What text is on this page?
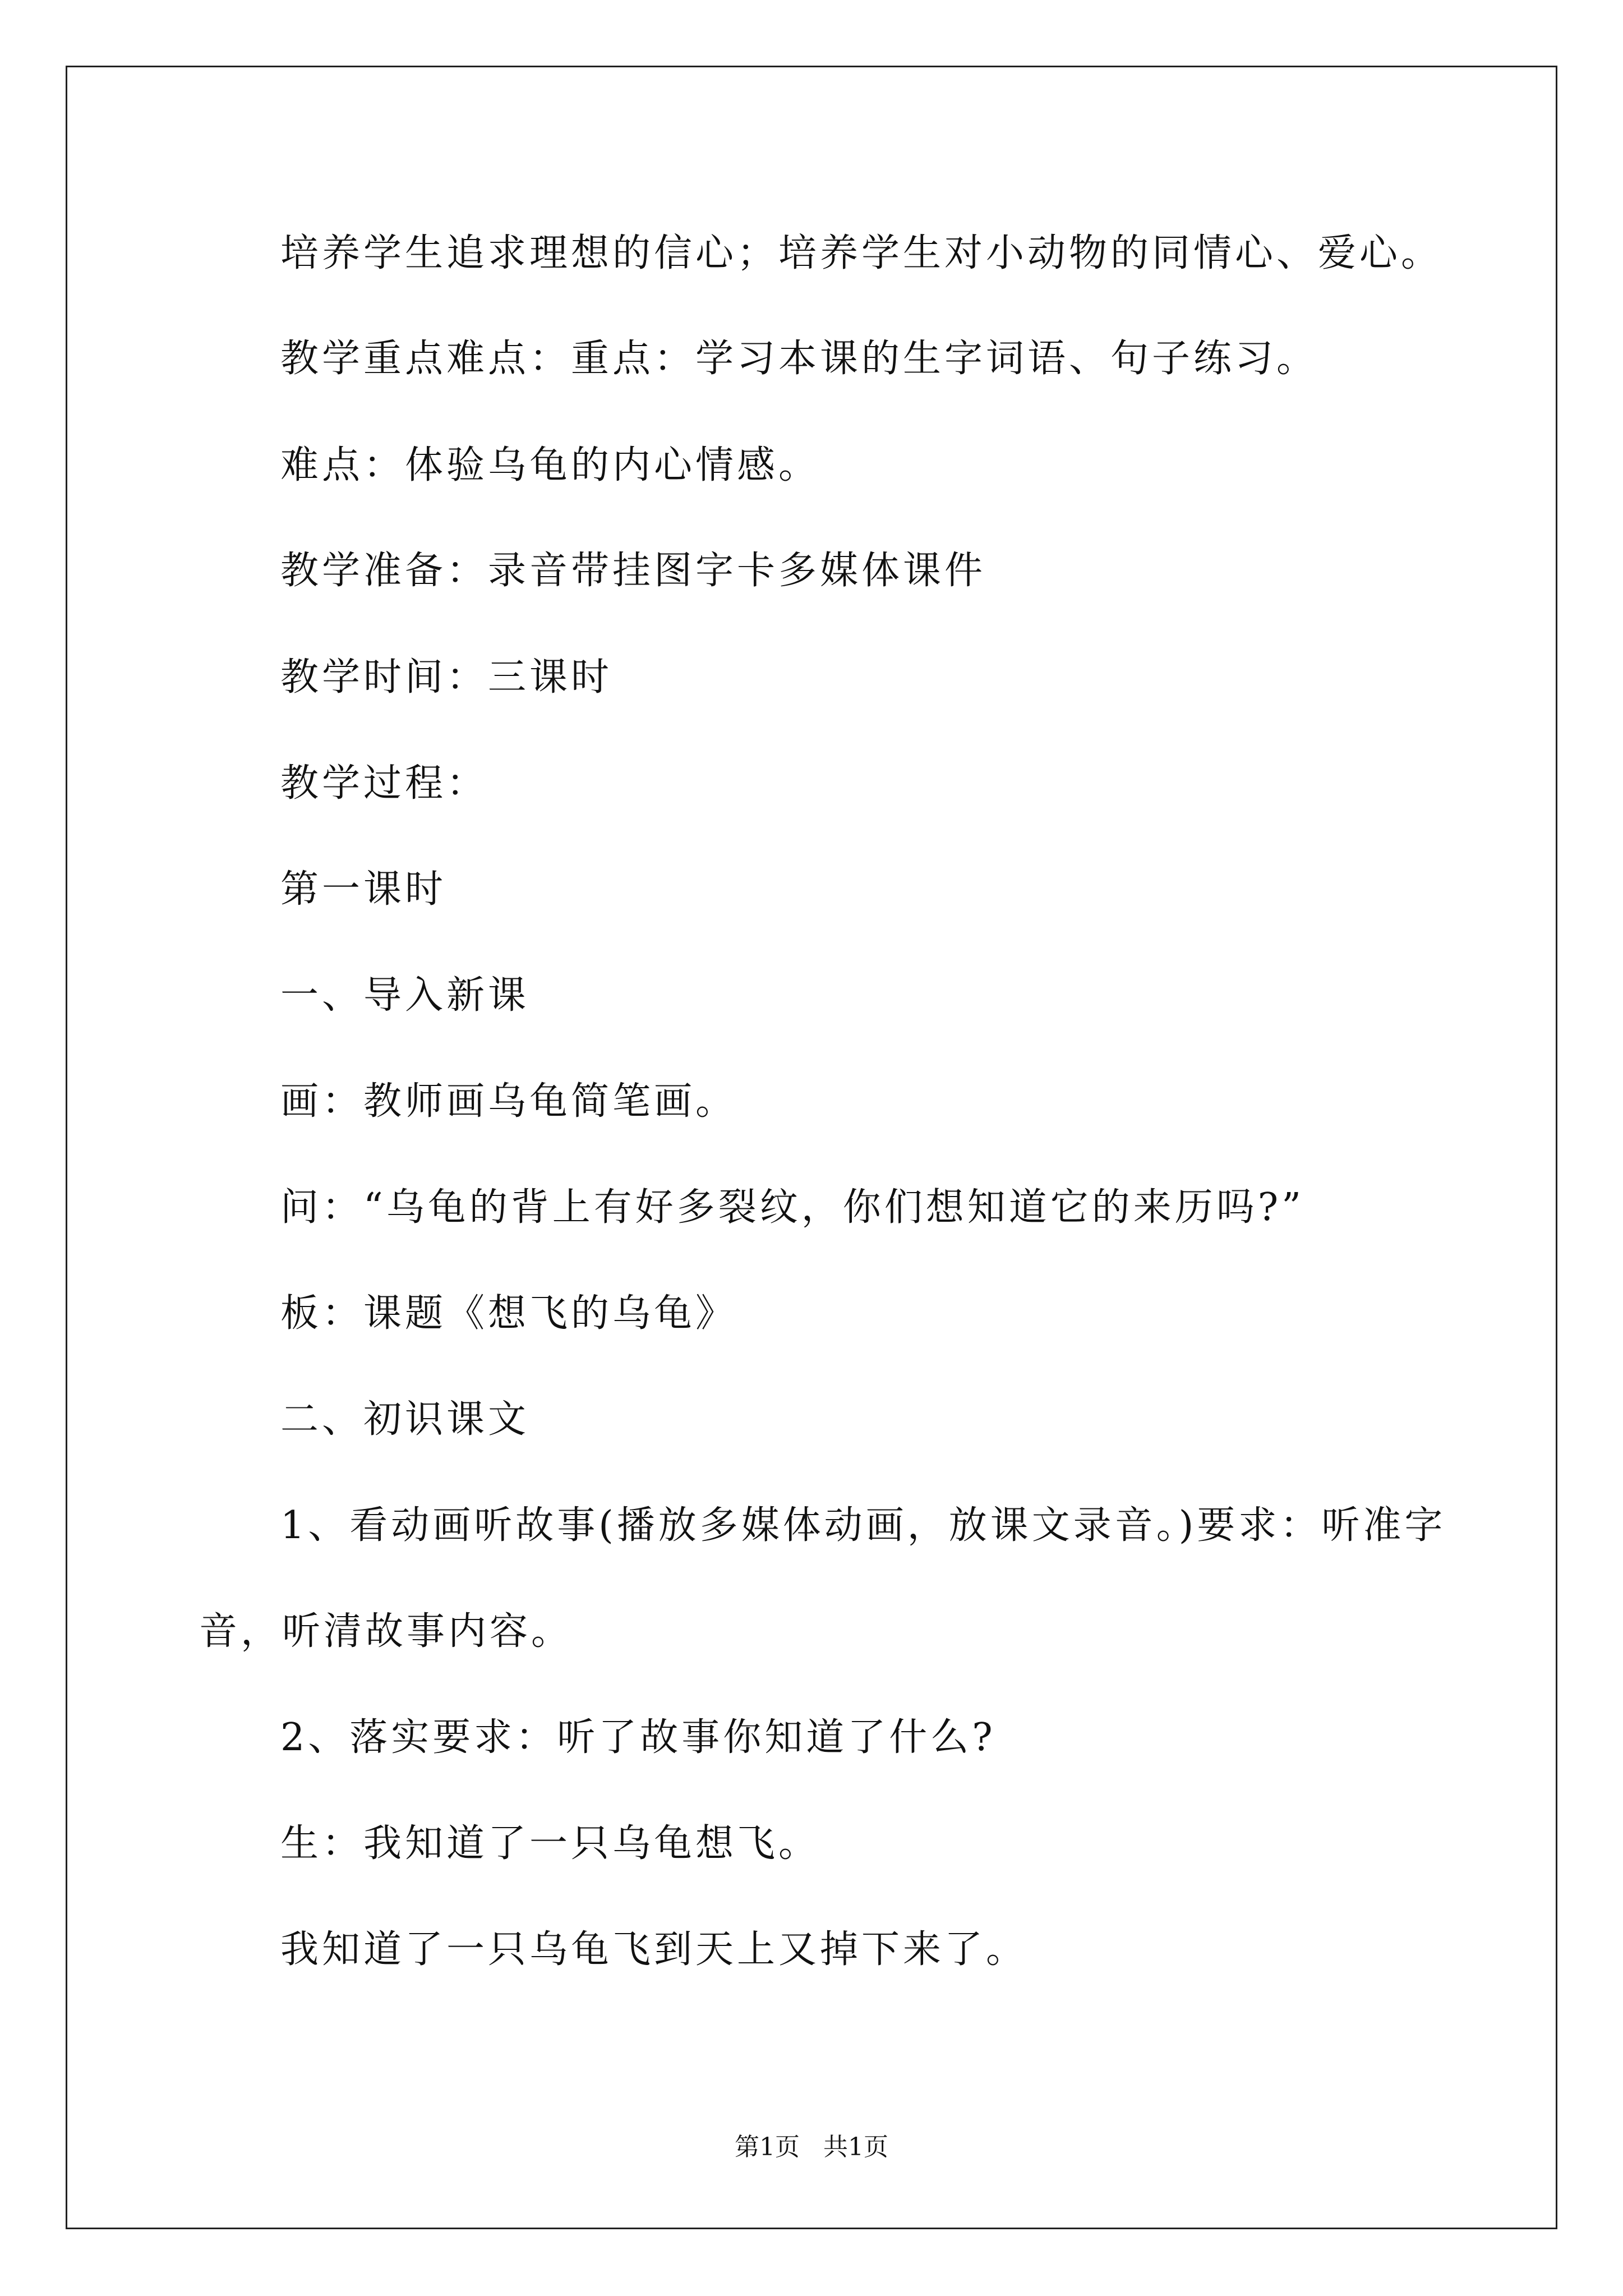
培养学生追求理想的信心；培养学生对小动物的同情心、爱心。
教学重点难点：重点：学习本课的生字词语、句子练习。
难点：体验乌龟的内心情感。
教学准备：录音带挂图字卡多媒体课件
教学时间：三课时
教学过程：
第一课时
一、导入新课
画：教师画乌龟简笔画。
问：“乌龟的背上有好多裂纹，你们想知道它的来历吗?”
板：课题《想飞的乌龟》
二、初识课文
1、看动画听故事(播放多媒体动画，放课文录音。)要求：听准字
音，听清故事内容。
2、落实要求：听了故事你知道了什么?
生：我知道了一只乌龟想飞。
我知道了一只乌龟飞到天上又掉下来了。
第1页   共1页
